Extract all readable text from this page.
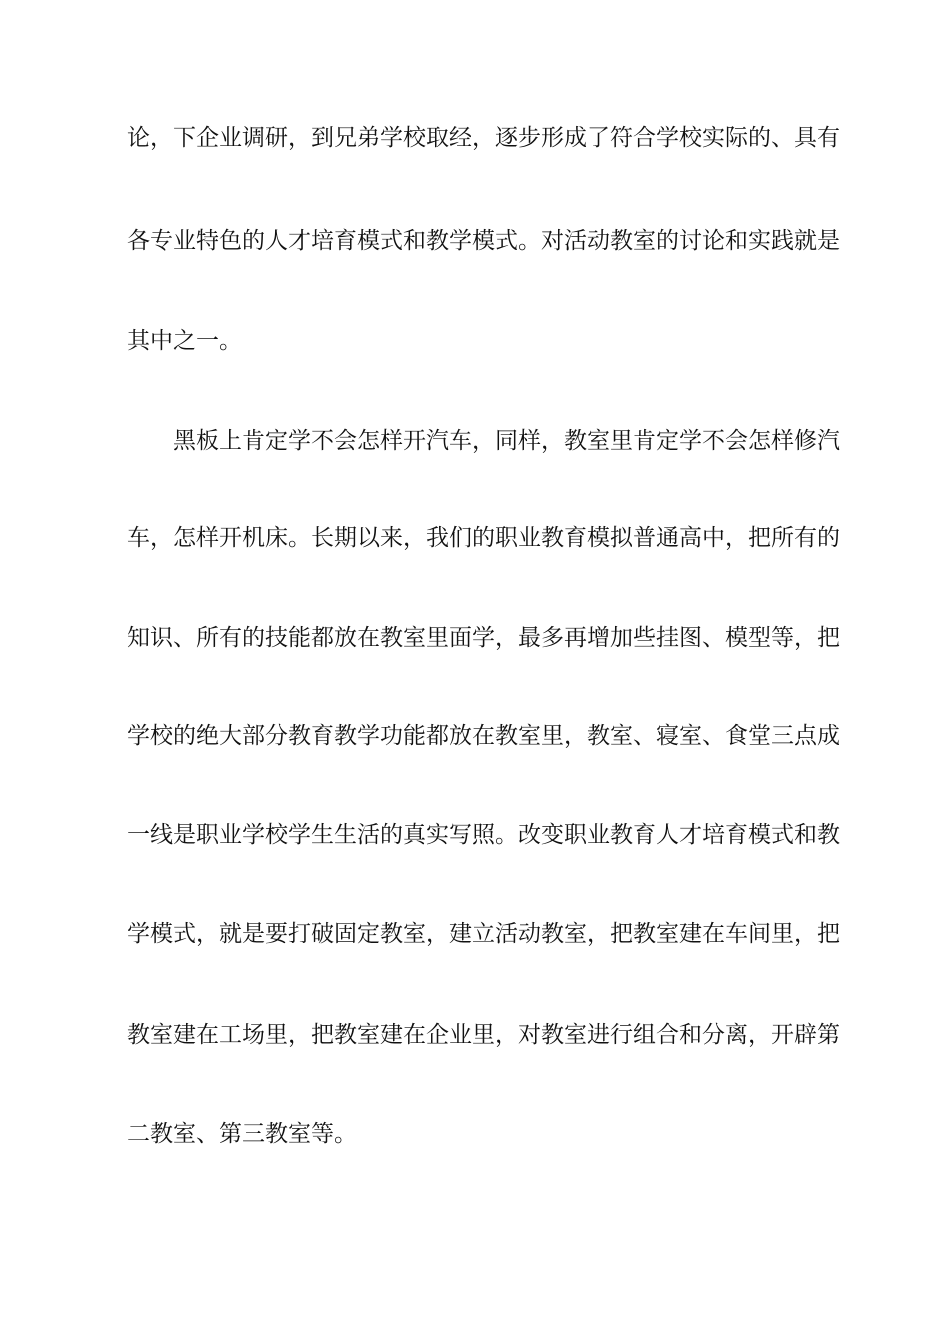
论，下企业调研，到兄弟学校取经，逐步形成了符合学校实际的、具有
各专业特色的人才培育模式和教学模式。对活动教室的讨论和实践就是
其中之一。
黑板上肯定学不会怎样开汽车，同样，教室里肯定学不会怎样修汽
车，怎样开机床。长期以来，我们的职业教育模拟普通高中，把所有的
知识、所有的技能都放在教室里面学，最多再增加些挂图、模型等，把
学校的绝大部分教育教学功能都放在教室里，教室、寝室、食堂三点成
一线是职业学校学生生活的真实写照。改变职业教育人才培育模式和教
学模式，就是要打破固定教室，建立活动教室，把教室建在车间里，把
教室建在工场里，把教室建在企业里，对教室进行组合和分离，开辟第
二教室、第三教室等。
